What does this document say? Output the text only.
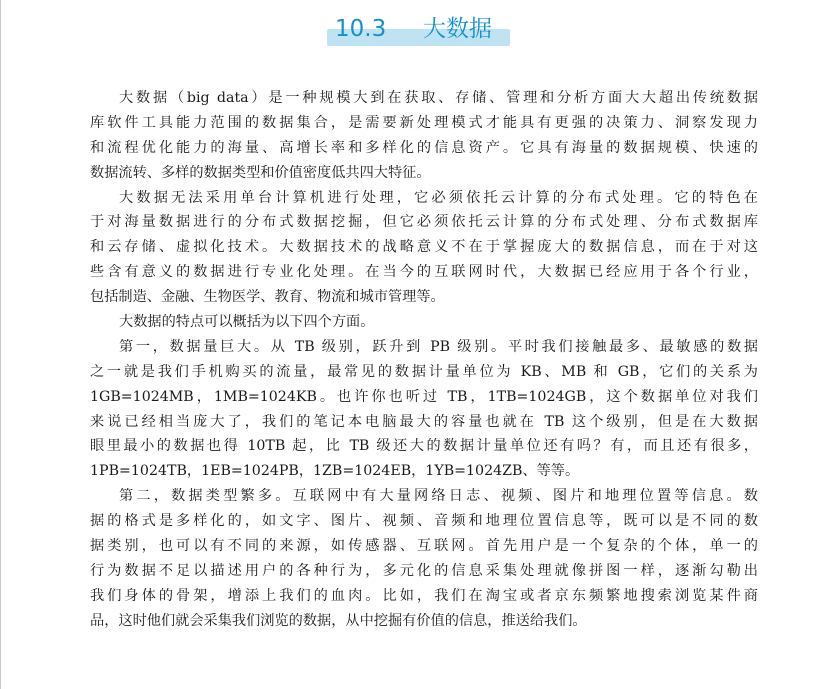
10.3 大数据
大数据（big data）是一种规模大到在获取、存储、管理和分析方面大大超出传统数据
库软件工具能力范围的数据集合，是需要新处理模式才能具有更强的决策力、洞察发现力
和流程优化能力的海量、高增长率和多样化的信息资产。它具有海量的数据规模、快速的
数据流转、多样的数据类型和价值密度低共四大特征。
大数据无法采用单台计算机进行处理，它必须依托云计算的分布式处理。它的特色在
于对海量数据进行的分布式数据挖掘，但它必须依托云计算的分布式处理、分布式数据库
和云存储、虚拟化技术。大数据技术的战略意义不在于掌握庞大的数据信息，而在于对这
些含有意义的数据进行专业化处理。在当今的互联网时代，大数据已经应用于各个行业，
包括制造、金融、生物医学、教育、物流和城市管理等。
大数据的特点可以概括为以下四个方面。
第一，数据量巨大。从 TB 级别，跃升到 PB 级别。平时我们接触最多、最敏感的数据
之一就是我们手机购买的流量，最常见的数据计量单位为 KB、MB 和 GB，它们的关系为
1GB=1024MB，1MB=1024KB。也许你也听过 TB，1TB=1024GB，这个数据单位对我们
来说已经相当庞大了，我们的笔记本电脑最大的容量也就在 TB 这个级别，但是在大数据
眼里最小的数据也得 10TB 起，比 TB 级还大的数据计量单位还有吗？有，而且还有很多，
1PB=1024TB，1EB=1024PB，1ZB=1024EB，1YB=1024ZB、等等。
第二，数据类型繁多。互联网中有大量网络日志、视频、图片和地理位置等信息。数
据的格式是多样化的，如文字、图片、视频、音频和地理位置信息等，既可以是不同的数
据类别，也可以有不同的来源，如传感器、互联网。首先用户是一个复杂的个体，单一的
行为数据不足以描述用户的各种行为，多元化的信息采集处理就像拼图一样，逐渐勾勒出
我们身体的骨架，增添上我们的血肉。比如，我们在淘宝或者京东频繁地搜索浏览某件商
品，这时他们就会采集我们浏览的数据，从中挖掘有价值的信息，推送给我们。
